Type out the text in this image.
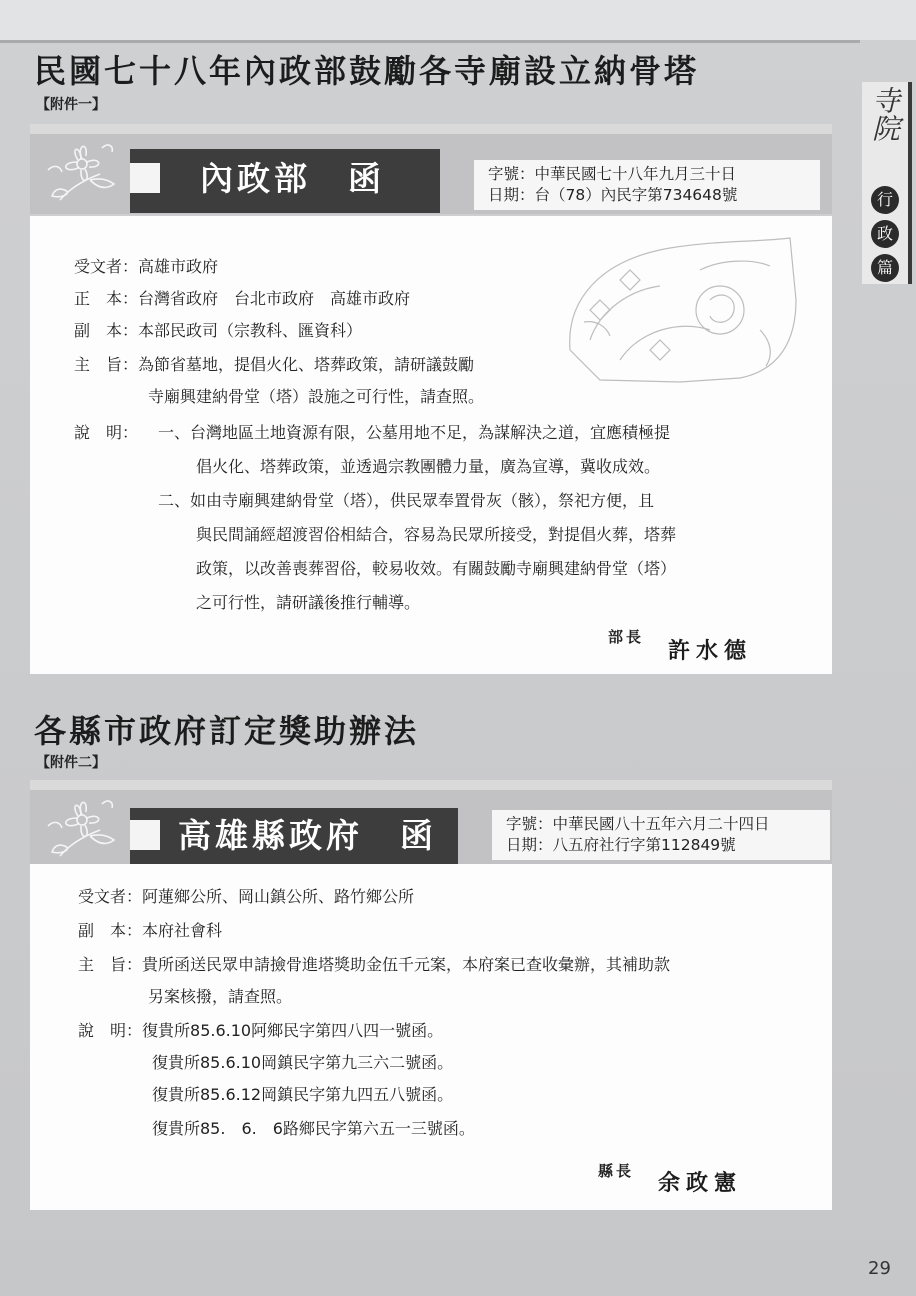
寺院
行
政
篇
民國七十八年內政部鼓勵各寺廟設立納骨塔
【附件一】
內政部　函	字號：中華民國七十八年九月三十日
日期：台（78）內民字第734648號
受文者：高雄市政府
正　本：台灣省政府　台北市政府　高雄市政府
副　本：本部民政司（宗教科、匯資科）
主　旨：為節省墓地，提倡火化、塔葬政策，請研議鼓勵
寺廟興建納骨堂（塔）設施之可行性，請查照。
說　明： 一、台灣地區土地資源有限，公墓用地不足，為謀解決之道，宜應積極提
倡火化、塔葬政策，並透過宗教團體力量，廣為宣導，冀收成效。
二、如由寺廟興建納骨堂（塔），供民眾奉置骨灰（骸），祭祀方便，且
與民間誦經超渡習俗相結合，容易為民眾所接受，對提倡火葬，塔葬
政策，以改善喪葬習俗，較易收效。有關鼓勵寺廟興建納骨堂（塔）
之可行性，請研議後推行輔導。
部長
許水德
各縣市政府訂定獎助辦法
【附件二】
高雄縣政府　函	字號：中華民國八十五年六月二十四日
日期：八五府社行字第112849號
受文者：阿蓮鄉公所、岡山鎮公所、路竹鄉公所
副　本：本府社會科
主　旨：貴所函送民眾申請撿骨進塔獎助金伍千元案，本府案已查收彙辦，其補助款
另案核撥，請查照。
說　明：復貴所85.6.10阿鄉民字第四八四一號函。
復貴所85.6.10岡鎮民字第九三六二號函。
復貴所85.6.12岡鎮民字第九四五八號函。
復貴所85.　6.　6路鄉民字第六五一三號函。
縣長 余政憲
29
